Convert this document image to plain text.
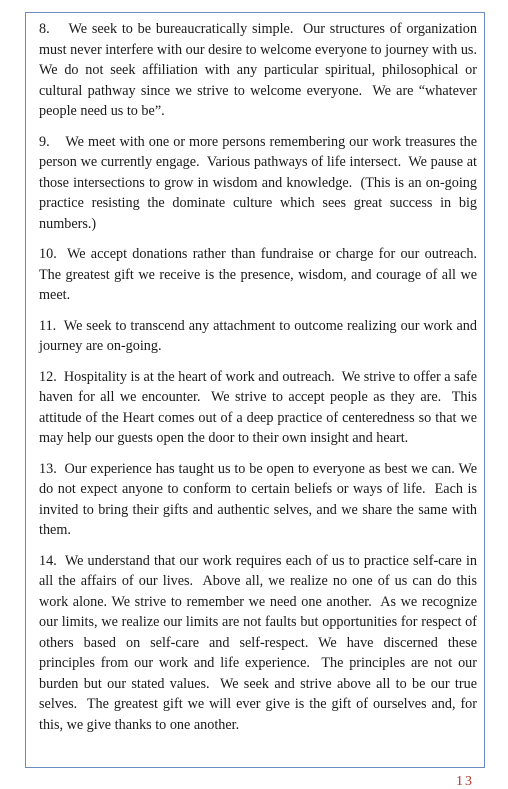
8.    We seek to be bureaucratically simple.  Our structures of organization must never interfere with our desire to welcome everyone to journey with us.  We do not seek affiliation with any particular spiritual, philosophical or cultural pathway since we strive to welcome everyone.  We are “whatever people need us to be”.

9.    We meet with one or more persons remembering our work treasures the person we currently engage.  Various pathways of life intersect.  We pause at those intersections to grow in wisdom and knowledge.  (This is an on-going practice resisting the dominate culture which sees great success in big numbers.)

10.  We accept donations rather than fundraise or charge for our outreach. The greatest gift we receive is the presence, wisdom, and courage of all we meet.

11.  We seek to transcend any attachment to outcome realizing our work and journey are on-going.

12.  Hospitality is at the heart of work and outreach.  We strive to offer a safe haven for all we encounter.  We strive to accept people as they are.  This attitude of the Heart comes out of a deep practice of centeredness so that we may help our guests open the door to their own insight and heart.

13.  Our experience has taught us to be open to everyone as best we can. We do not expect anyone to conform to certain beliefs or ways of life.  Each is invited to bring their gifts and authentic selves, and we share the same with them.

14.  We understand that our work requires each of us to practice self-care in all the affairs of our lives.  Above all, we realize no one of us can do this work alone. We strive to remember we need one another.  As we recognize our limits, we realize our limits are not faults but opportunities for respect of others based on self-care and self-respect. We have discerned these principles from our work and life experience.  The principles are not our burden but our stated values.  We seek and strive above all to be our true selves.  The greatest gift we will ever give is the gift of ourselves and, for this, we give thanks to one another.

13
